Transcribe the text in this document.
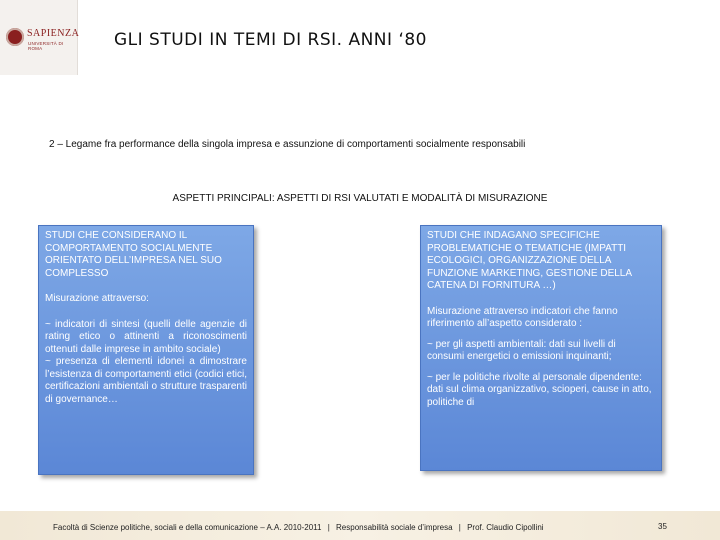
SAPIENZA
UNIVERSITÀ DI ROMA	GLI STUDI IN TEMI DI RSI. ANNI ‘80
2 – Legame fra performance della singola impresa e assunzione di comportamenti socialmente responsabili
ASPETTI PRINCIPALI: ASPETTI DI RSI VALUTATI E MODALITÀ DI MISURAZIONE

STUDI CHE CONSIDERANO IL COMPORTAMENTO SOCIALMENTE ORIENTATO DELL’IMPRESA NEL SUO COMPLESSO

Misurazione attraverso:

~ indicatori di sintesi (quelli delle agenzie di rating etico o attinenti a riconoscimenti ottenuti dalle imprese in ambito sociale)

~ presenza di elementi idonei a dimostrare l’esistenza di comportamenti etici (codici etici, certificazioni ambientali o strutture trasparenti di governance…

STUDI CHE INDAGANO SPECIFICHE PROBLEMATICHE O TEMATICHE (IMPATTI ECOLOGICI, ORGANIZZAZIONE DELLA FUNZIONE MARKETING, GESTIONE DELLA CATENA DI FORNITURA …)

Misurazione attraverso indicatori che fanno riferimento all’aspetto considerato :

~ per gli aspetti ambientali: dati sui livelli di consumi energetici o emissioni inquinanti;

~ per le politiche rivolte al personale dipendente: dati sul clima organizzativo, scioperi, cause in atto, politiche di

Facoltà di Scienze politiche, sociali e della comunicazione – A.A. 2010-2011 | Responsabilità sociale d’impresa | Prof. Claudio Cipollini	35
